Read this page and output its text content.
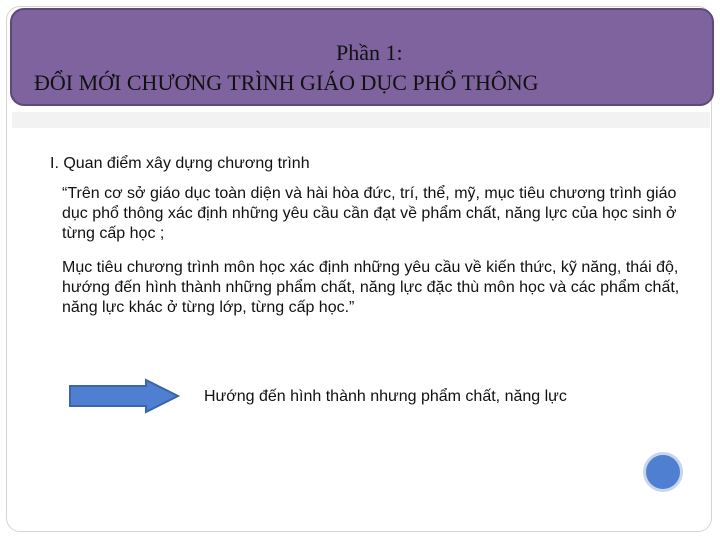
Phần 1:
ĐỔI MỚI CHƯƠNG TRÌNH GIÁO DỤC PHỔ THÔNG

I. Quan điểm xây dựng chương trình

“Trên cơ sở giáo dục toàn diện và hài hòa đức, trí, thể, mỹ, mục tiêu chương trình giáo dục phổ thông xác định những yêu cầu cần đạt về phẩm chất, năng lực của học sinh ở từng cấp học ;

Mục tiêu chương trình môn học xác định những yêu cầu về kiến thức, kỹ năng, thái độ, hướng đến hình thành những phẩm chất, năng lực đặc thù môn học và các phẩm chất, năng lực khác ở từng lớp, từng cấp học.”

Hướng đến hình thành nhưng phẩm chất, năng lực
